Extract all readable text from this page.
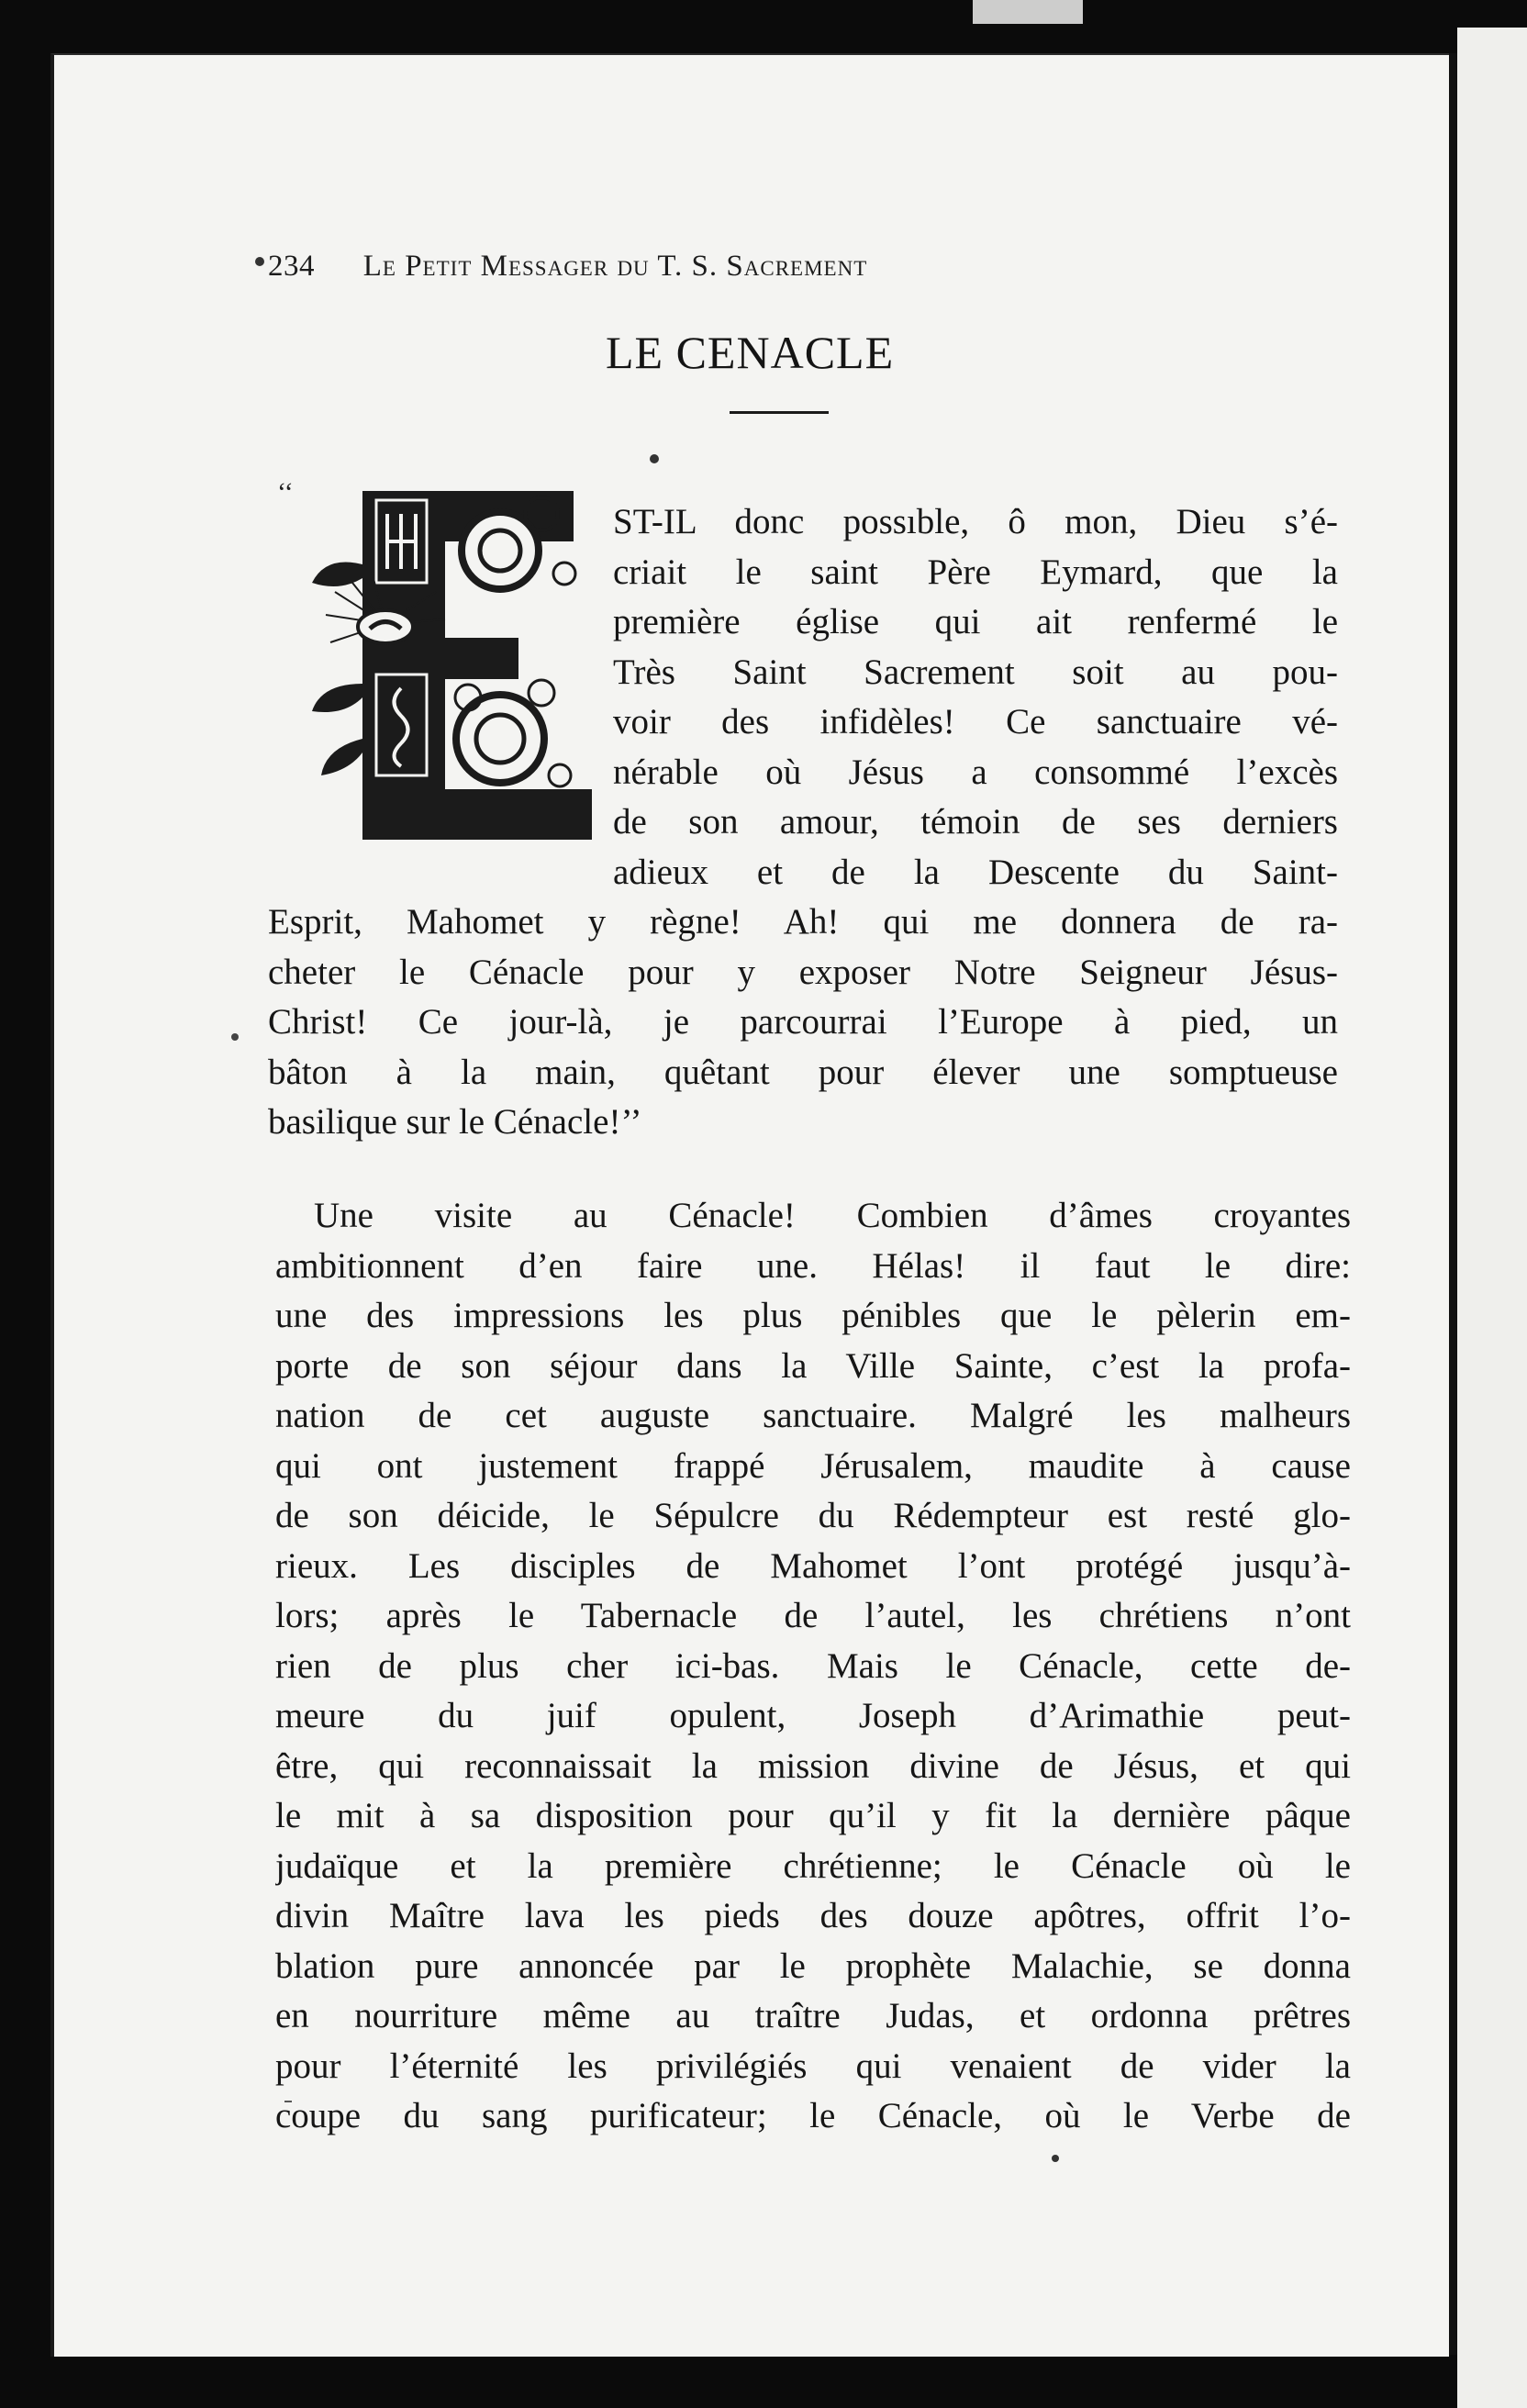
234 Le Petit Messager du T. S. Sacrement
LE CENACLE
‘‘
ST-IL donc possıble, ô mon, Dieu s’é-
criait le saint Père Eymard, que la
première église qui ait renfermé le
Très Saint Sacrement soit au pou-
voir des infidèles! Ce sanctuaire vé-
nérable où Jésus a consommé l’excès
de son amour, témoin de ses derniers
adieux et de la Descente du Saint-
Esprit, Mahomet y règne! Ah! qui me donnera de ra-
cheter le Cénacle pour y exposer Notre Seigneur Jésus-
Christ! Ce jour-là, je parcourrai l’Europe à pied, un
bâton à la main, quêtant pour élever une somptueuse
basilique sur le Cénacle!’’
Une visite au Cénacle! Combien d’âmes croyantes
ambitionnent d’en faire une. Hélas! il faut le dire:
une des impressions les plus pénibles que le pèlerin em-
porte de son séjour dans la Ville Sainte, c’est la profa-
nation de cet auguste sanctuaire. Malgré les malheurs
qui ont justement frappé Jérusalem, maudite à cause
de son déicide, le Sépulcre du Rédempteur est resté glo-
rieux. Les disciples de Mahomet l’ont protégé jusqu’à-
lors; après le Tabernacle de l’autel, les chrétiens n’ont
rien de plus cher ici-bas. Mais le Cénacle, cette de-
meure du juif opulent, Joseph d’Arimathie peut-
être, qui reconnaissait la mission divine de Jésus, et qui
le mit à sa disposition pour qu’il y fit la dernière pâque
judaïque et la première chrétienne; le Cénacle où le
divin Maître lava les pieds des douze apôtres, offrit l’o-
blation pure annoncée par le prophète Malachie, se donna
en nourriture même au traître Judas, et ordonna prêtres
pour l’éternité les privilégiés qui venaient de vider la
coupe du sang purificateur; le Cénacle, où le Verbe de
